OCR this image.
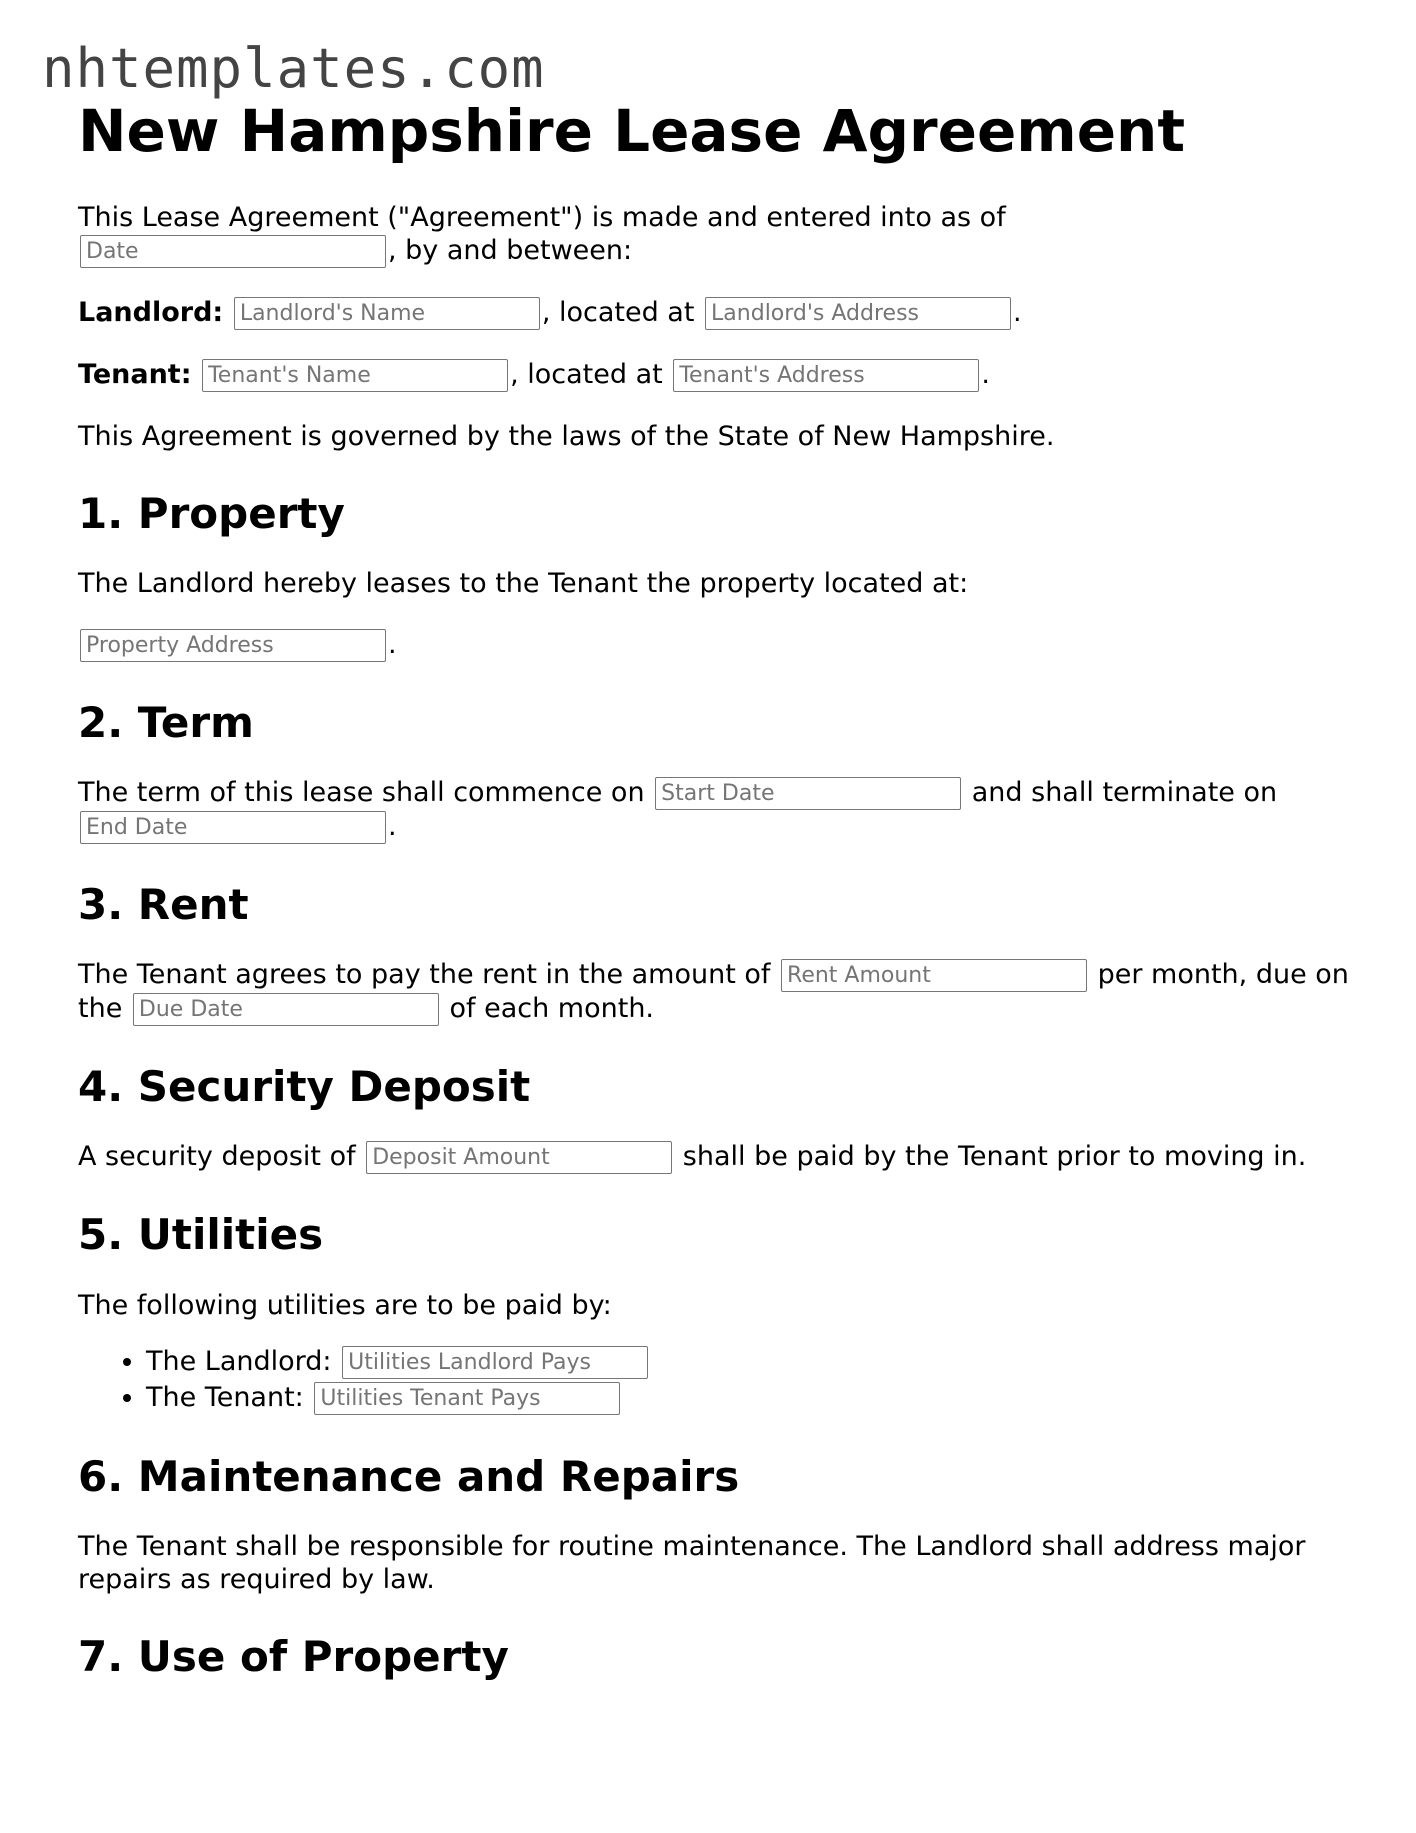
nhtemplates.com
New Hampshire Lease Agreement

This Lease Agreement ("Agreement") is made and entered into as of
Date, by and between:

Landlord: Landlord's Name	, located at Landlord's Address	.

Tenant: Tenant's Name	, located at Tenant's Address	.

This Agreement is governed by the laws of the State of New Hampshire.

1. Property

The Landlord hereby leases to the Tenant the property located at:

Property Address.

2. Term

The term of this lease shall commence on Start Date	and shall terminate on End Date.

3. Rent

The Tenant agrees to pay the rent in the amount of Rent Amount	per month, due on the Due Date	of each month.

4. Security Deposit

A security deposit of Deposit Amount	shall be paid by the Tenant prior to moving in.

5. Utilities

The following utilities are to be paid by:

• The Landlord: Utilities Landlord Pays
• The Tenant: Utilities Tenant Pays
6. Maintenance and Repairs

The Tenant shall be responsible for routine maintenance. The Landlord shall address major repairs as required by law.

7. Use of Property
